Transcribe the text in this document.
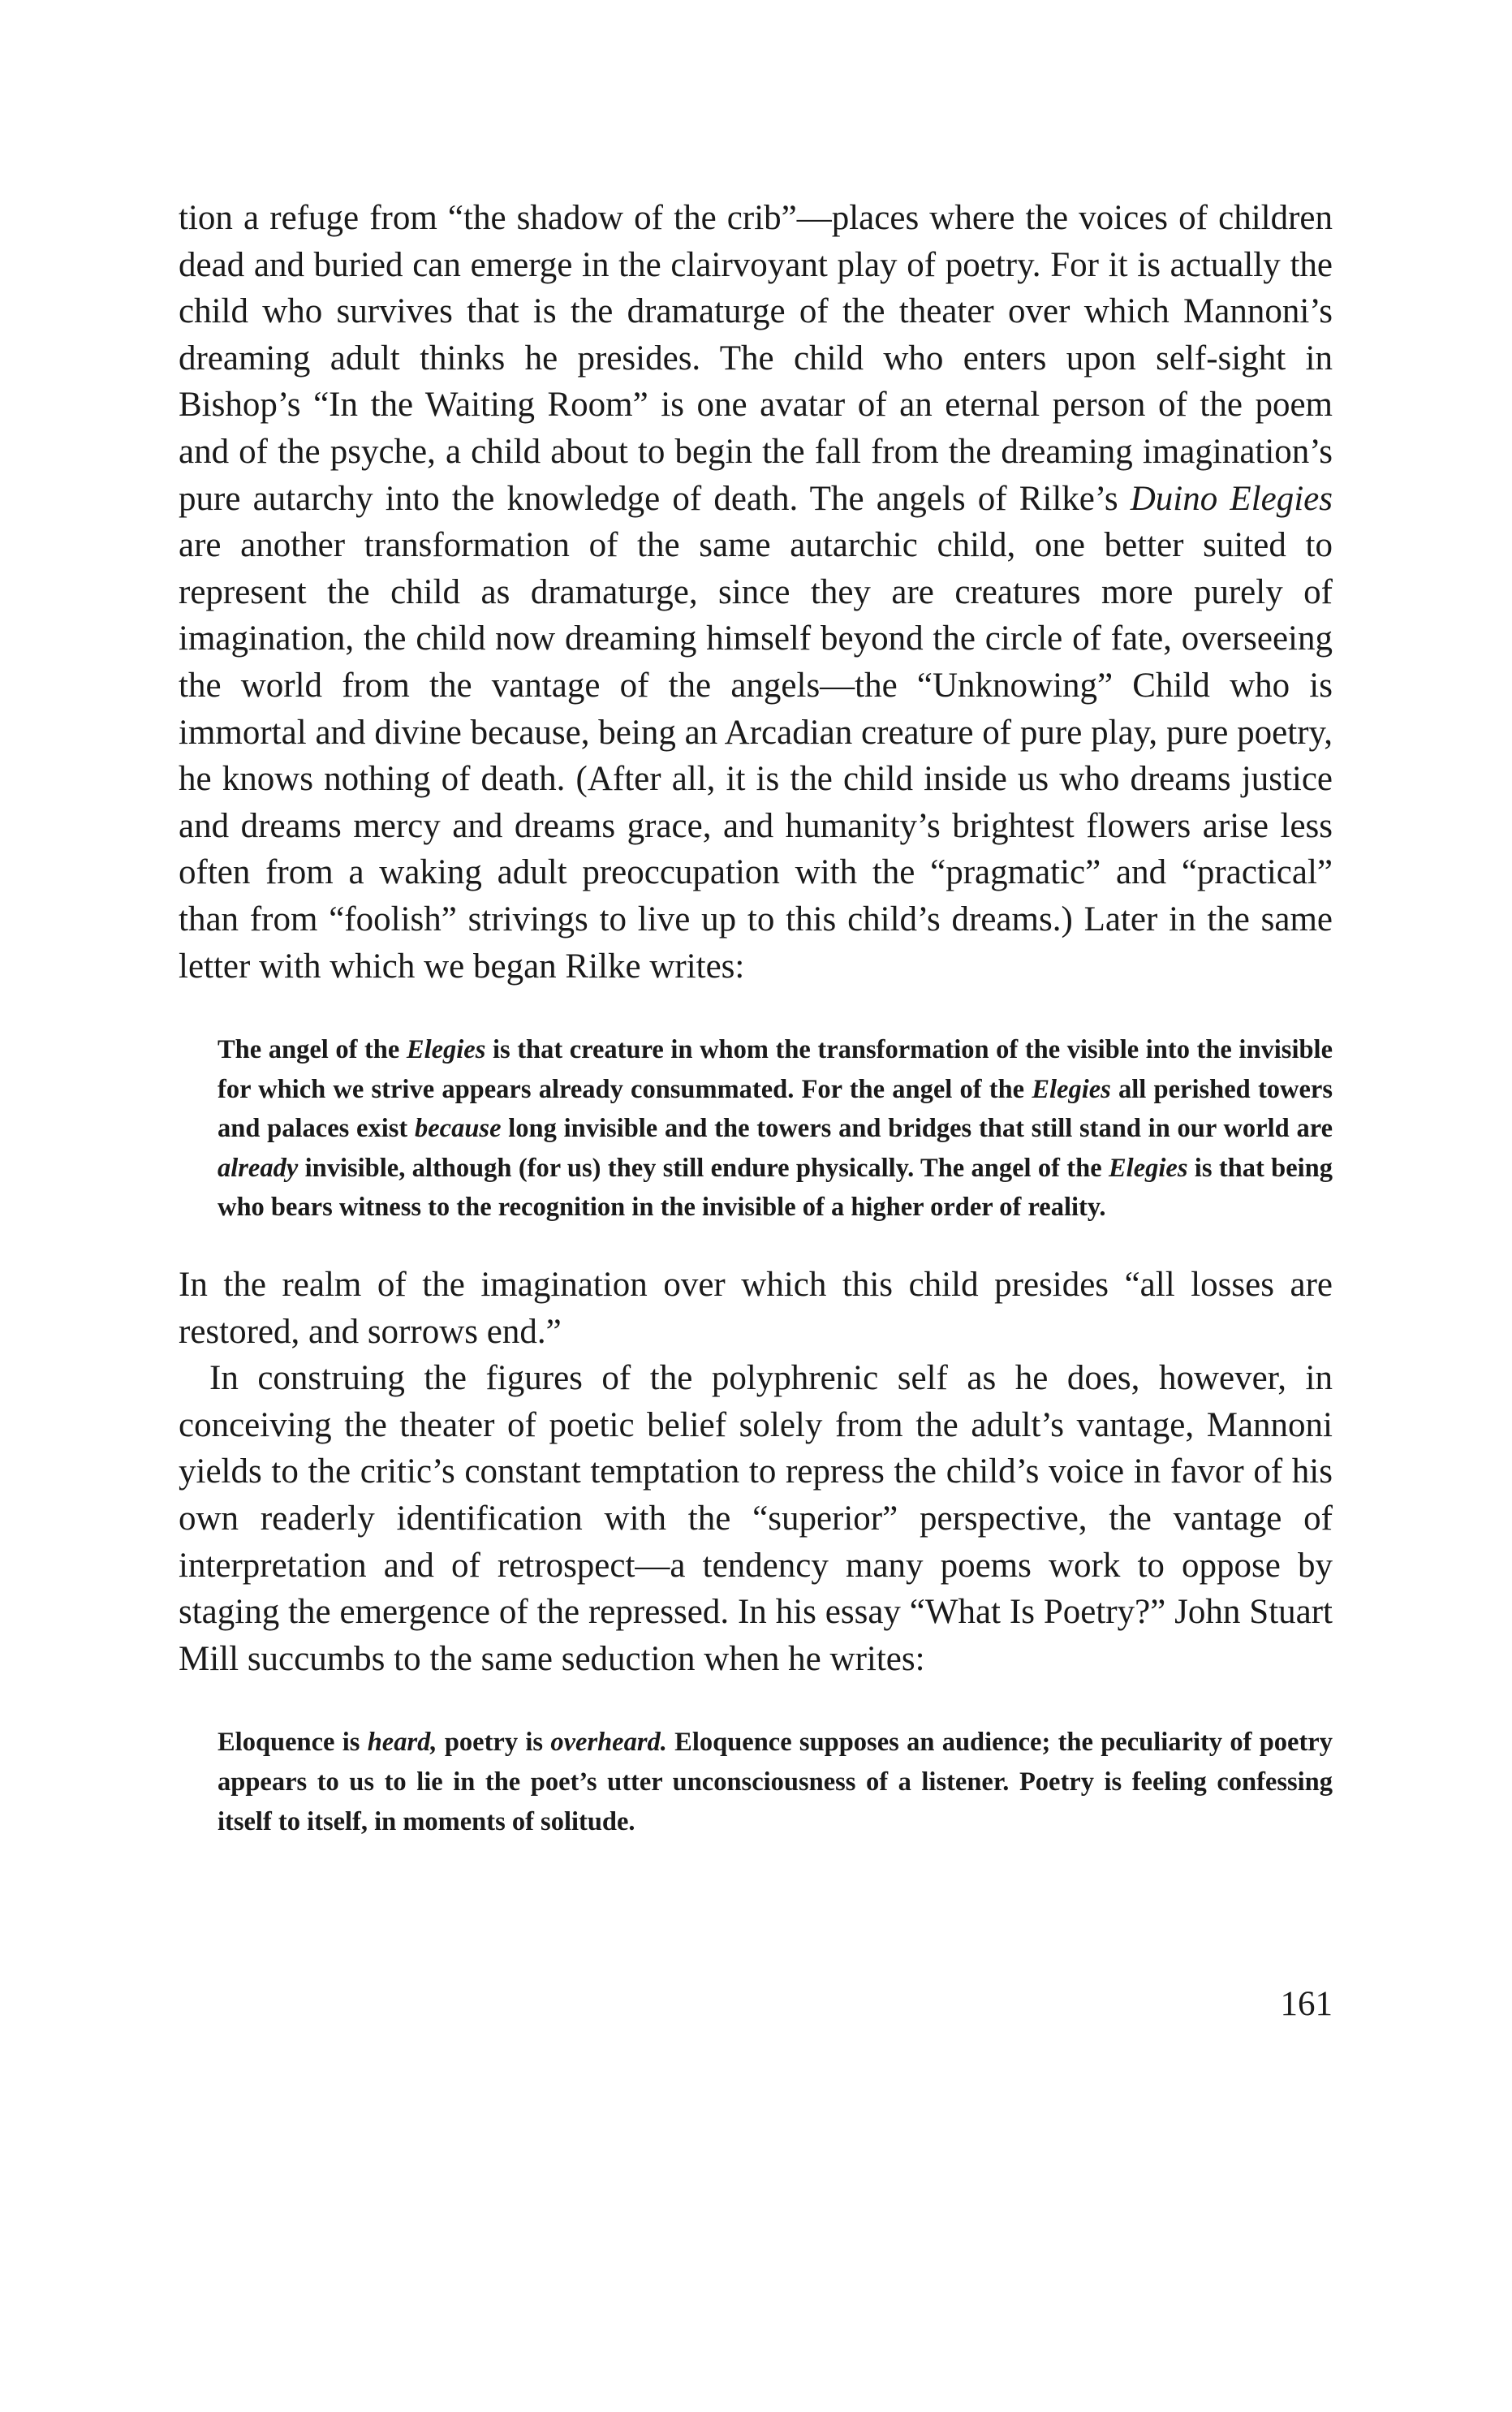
tion a refuge from “the shadow of the crib”—places where the voices of children dead and buried can emerge in the clairvoyant play of poetry. For it is actually the child who survives that is the dramaturge of the theater over which Mannoni’s dreaming adult thinks he presides. The child who enters upon self-sight in Bishop’s “In the Waiting Room” is one avatar of an eternal person of the poem and of the psyche, a child about to begin the fall from the dreaming imagination’s pure autarchy into the knowledge of death. The angels of Rilke’s Duino Elegies are another transformation of the same autarchic child, one better suited to represent the child as dramaturge, since they are creatures more purely of imagination, the child now dreaming himself beyond the circle of fate, overseeing the world from the vantage of the angels—the “Unknowing” Child who is immortal and divine because, being an Arcadian creature of pure play, pure poetry, he knows nothing of death. (After all, it is the child inside us who dreams justice and dreams mercy and dreams grace, and humanity’s brightest flowers arise less often from a waking adult preoccupation with the “pragmatic” and “practical” than from “foolish” strivings to live up to this child’s dreams.) Later in the same letter with which we began Rilke writes:

The angel of the Elegies is that creature in whom the transformation of the visible into the invisible for which we strive appears already consummated. For the angel of the Elegies all perished towers and palaces exist because long invisible and the towers and bridges that still stand in our world are already invisible, although (for us) they still endure physically. The angel of the Elegies is that being who bears witness to the recognition in the invisible of a higher order of reality.

In the realm of the imagination over which this child presides “all losses are restored, and sorrows end.”

In construing the figures of the polyphrenic self as he does, however, in conceiving the theater of poetic belief solely from the adult’s vantage, Mannoni yields to the critic’s constant temptation to repress the child’s voice in favor of his own readerly identification with the “superior” perspective, the vantage of interpretation and of retrospect—a tendency many poems work to oppose by staging the emergence of the repressed. In his essay “What Is Poetry?” John Stuart Mill succumbs to the same seduction when he writes:

Eloquence is heard, poetry is overheard. Eloquence supposes an audience; the peculiarity of poetry appears to us to lie in the poet’s utter unconsciousness of a listener. Poetry is feeling confessing itself to itself, in moments of solitude.
161
